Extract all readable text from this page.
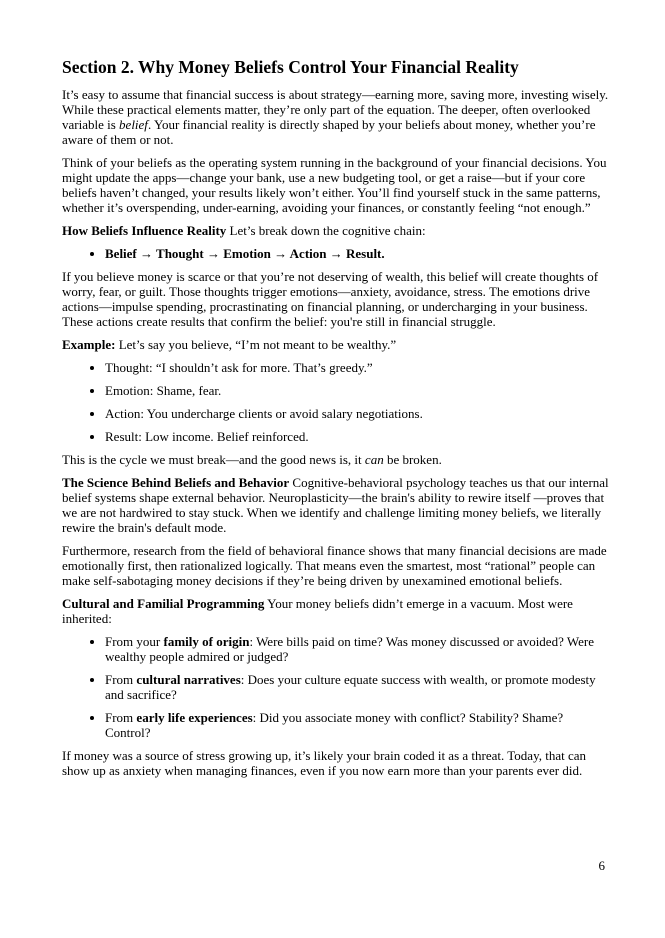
Section 2. Why Money Beliefs Control Your Financial Reality

It’s easy to assume that financial success is about strategy—earning more, saving more, investing wisely. While these practical elements matter, they’re only part of the equation. The deeper, often overlooked variable is belief. Your financial reality is directly shaped by your beliefs about money, whether you’re aware of them or not.

Think of your beliefs as the operating system running in the background of your financial decisions. You might update the apps—change your bank, use a new budgeting tool, or get a raise—but if your core beliefs haven’t changed, your results likely won’t either. You’ll find yourself stuck in the same patterns, whether it’s overspending, under-earning, avoiding your finances, or constantly feeling “not enough.”

How Beliefs Influence Reality Let’s break down the cognitive chain:

• Belief → Thought → Emotion → Action → Result.

If you believe money is scarce or that you’re not deserving of wealth, this belief will create thoughts of worry, fear, or guilt. Those thoughts trigger emotions—anxiety, avoidance, stress. The emotions drive actions—impulse spending, procrastinating on financial planning, or undercharging in your business. These actions create results that confirm the belief: you're still in financial struggle.

Example: Let’s say you believe, “I’m not meant to be wealthy.”

• Thought: “I shouldn’t ask for more. That’s greedy.”
• Emotion: Shame, fear.
• Action: You undercharge clients or avoid salary negotiations.
• Result: Low income. Belief reinforced.

This is the cycle we must break—and the good news is, it can be broken.

The Science Behind Beliefs and Behavior Cognitive-behavioral psychology teaches us that our internal belief systems shape external behavior. Neuroplasticity—the brain's ability to rewire itself —proves that we are not hardwired to stay stuck. When we identify and challenge limiting money beliefs, we literally rewire the brain's default mode.

Furthermore, research from the field of behavioral finance shows that many financial decisions are made emotionally first, then rationalized logically. That means even the smartest, most “rational” people can make self-sabotaging money decisions if they’re being driven by unexamined emotional beliefs.

Cultural and Familial Programming Your money beliefs didn’t emerge in a vacuum. Most were inherited:

• From your family of origin: Were bills paid on time? Was money discussed or avoided? Were wealthy people admired or judged?
• From cultural narratives: Does your culture equate success with wealth, or promote modesty and sacrifice?
• From early life experiences: Did you associate money with conflict? Stability? Shame? Control?

If money was a source of stress growing up, it’s likely your brain coded it as a threat. Today, that can show up as anxiety when managing finances, even if you now earn more than your parents ever did.

6
